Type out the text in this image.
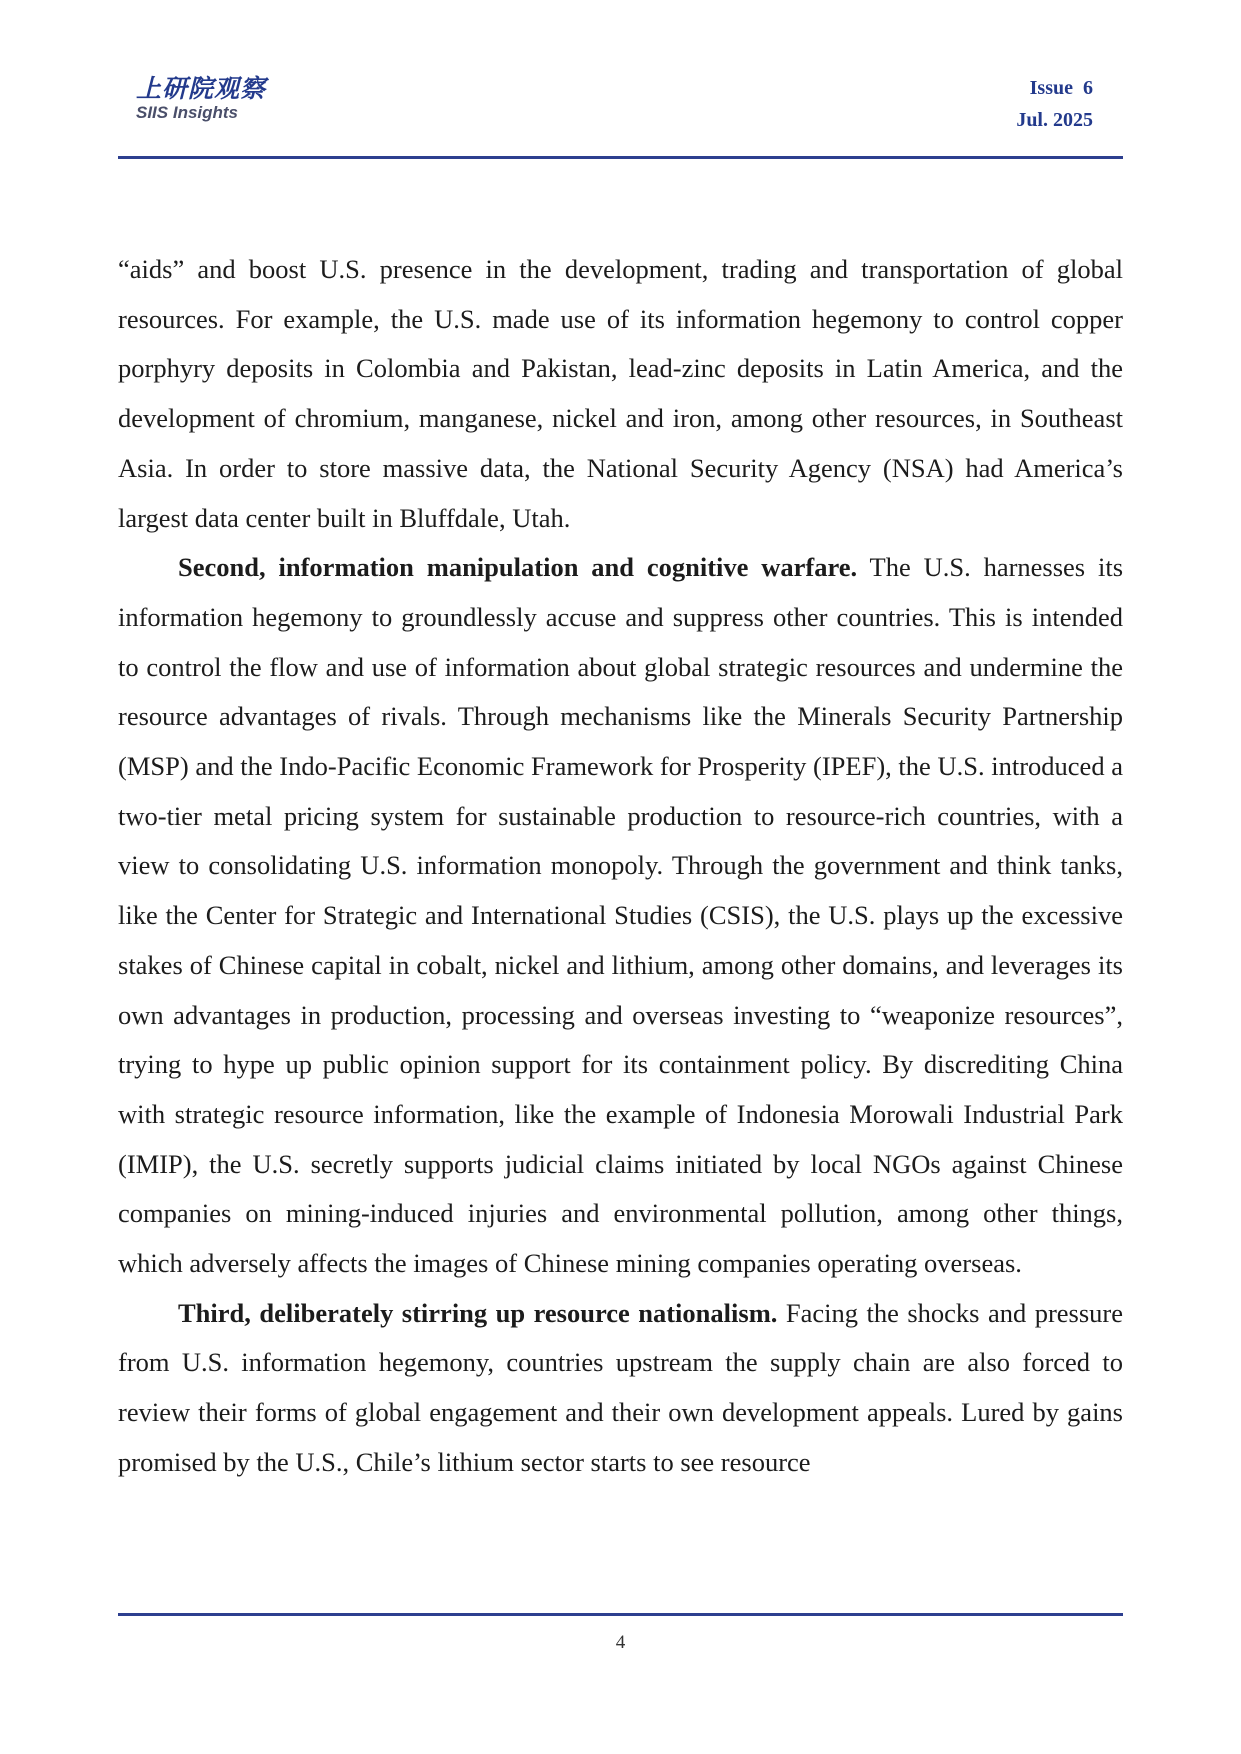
上研院观察
SIIS Insights
Issue  6
Jul. 2025

“aids” and boost U.S. presence in the development, trading and transportation of global resources. For example, the U.S. made use of its information hegemony to control copper porphyry deposits in Colombia and Pakistan, lead-zinc deposits in Latin America, and the development of chromium, manganese, nickel and iron, among other resources, in Southeast Asia. In order to store massive data, the National Security Agency (NSA) had America’s largest data center built in Bluffdale, Utah.

Second, information manipulation and cognitive warfare. The U.S. harnesses its information hegemony to groundlessly accuse and suppress other countries. This is intended to control the flow and use of information about global strategic resources and undermine the resource advantages of rivals. Through mechanisms like the Minerals Security Partnership (MSP) and the Indo-Pacific Economic Framework for Prosperity (IPEF), the U.S. introduced a two-tier metal pricing system for sustainable production to resource-rich countries, with a view to consolidating U.S. information monopoly. Through the government and think tanks, like the Center for Strategic and International Studies (CSIS), the U.S. plays up the excessive stakes of Chinese capital in cobalt, nickel and lithium, among other domains, and leverages its own advantages in production, processing and overseas investing to “weaponize resources”, trying to hype up public opinion support for its containment policy. By discrediting China with strategic resource information, like the example of Indonesia Morowali Industrial Park (IMIP), the U.S. secretly supports judicial claims initiated by local NGOs against Chinese companies on mining-induced injuries and environmental pollution, among other things, which adversely affects the images of Chinese mining companies operating overseas.

Third, deliberately stirring up resource nationalism. Facing the shocks and pressure from U.S. information hegemony, countries upstream the supply chain are also forced to review their forms of global engagement and their own development appeals. Lured by gains promised by the U.S., Chile’s lithium sector starts to see resource

4
